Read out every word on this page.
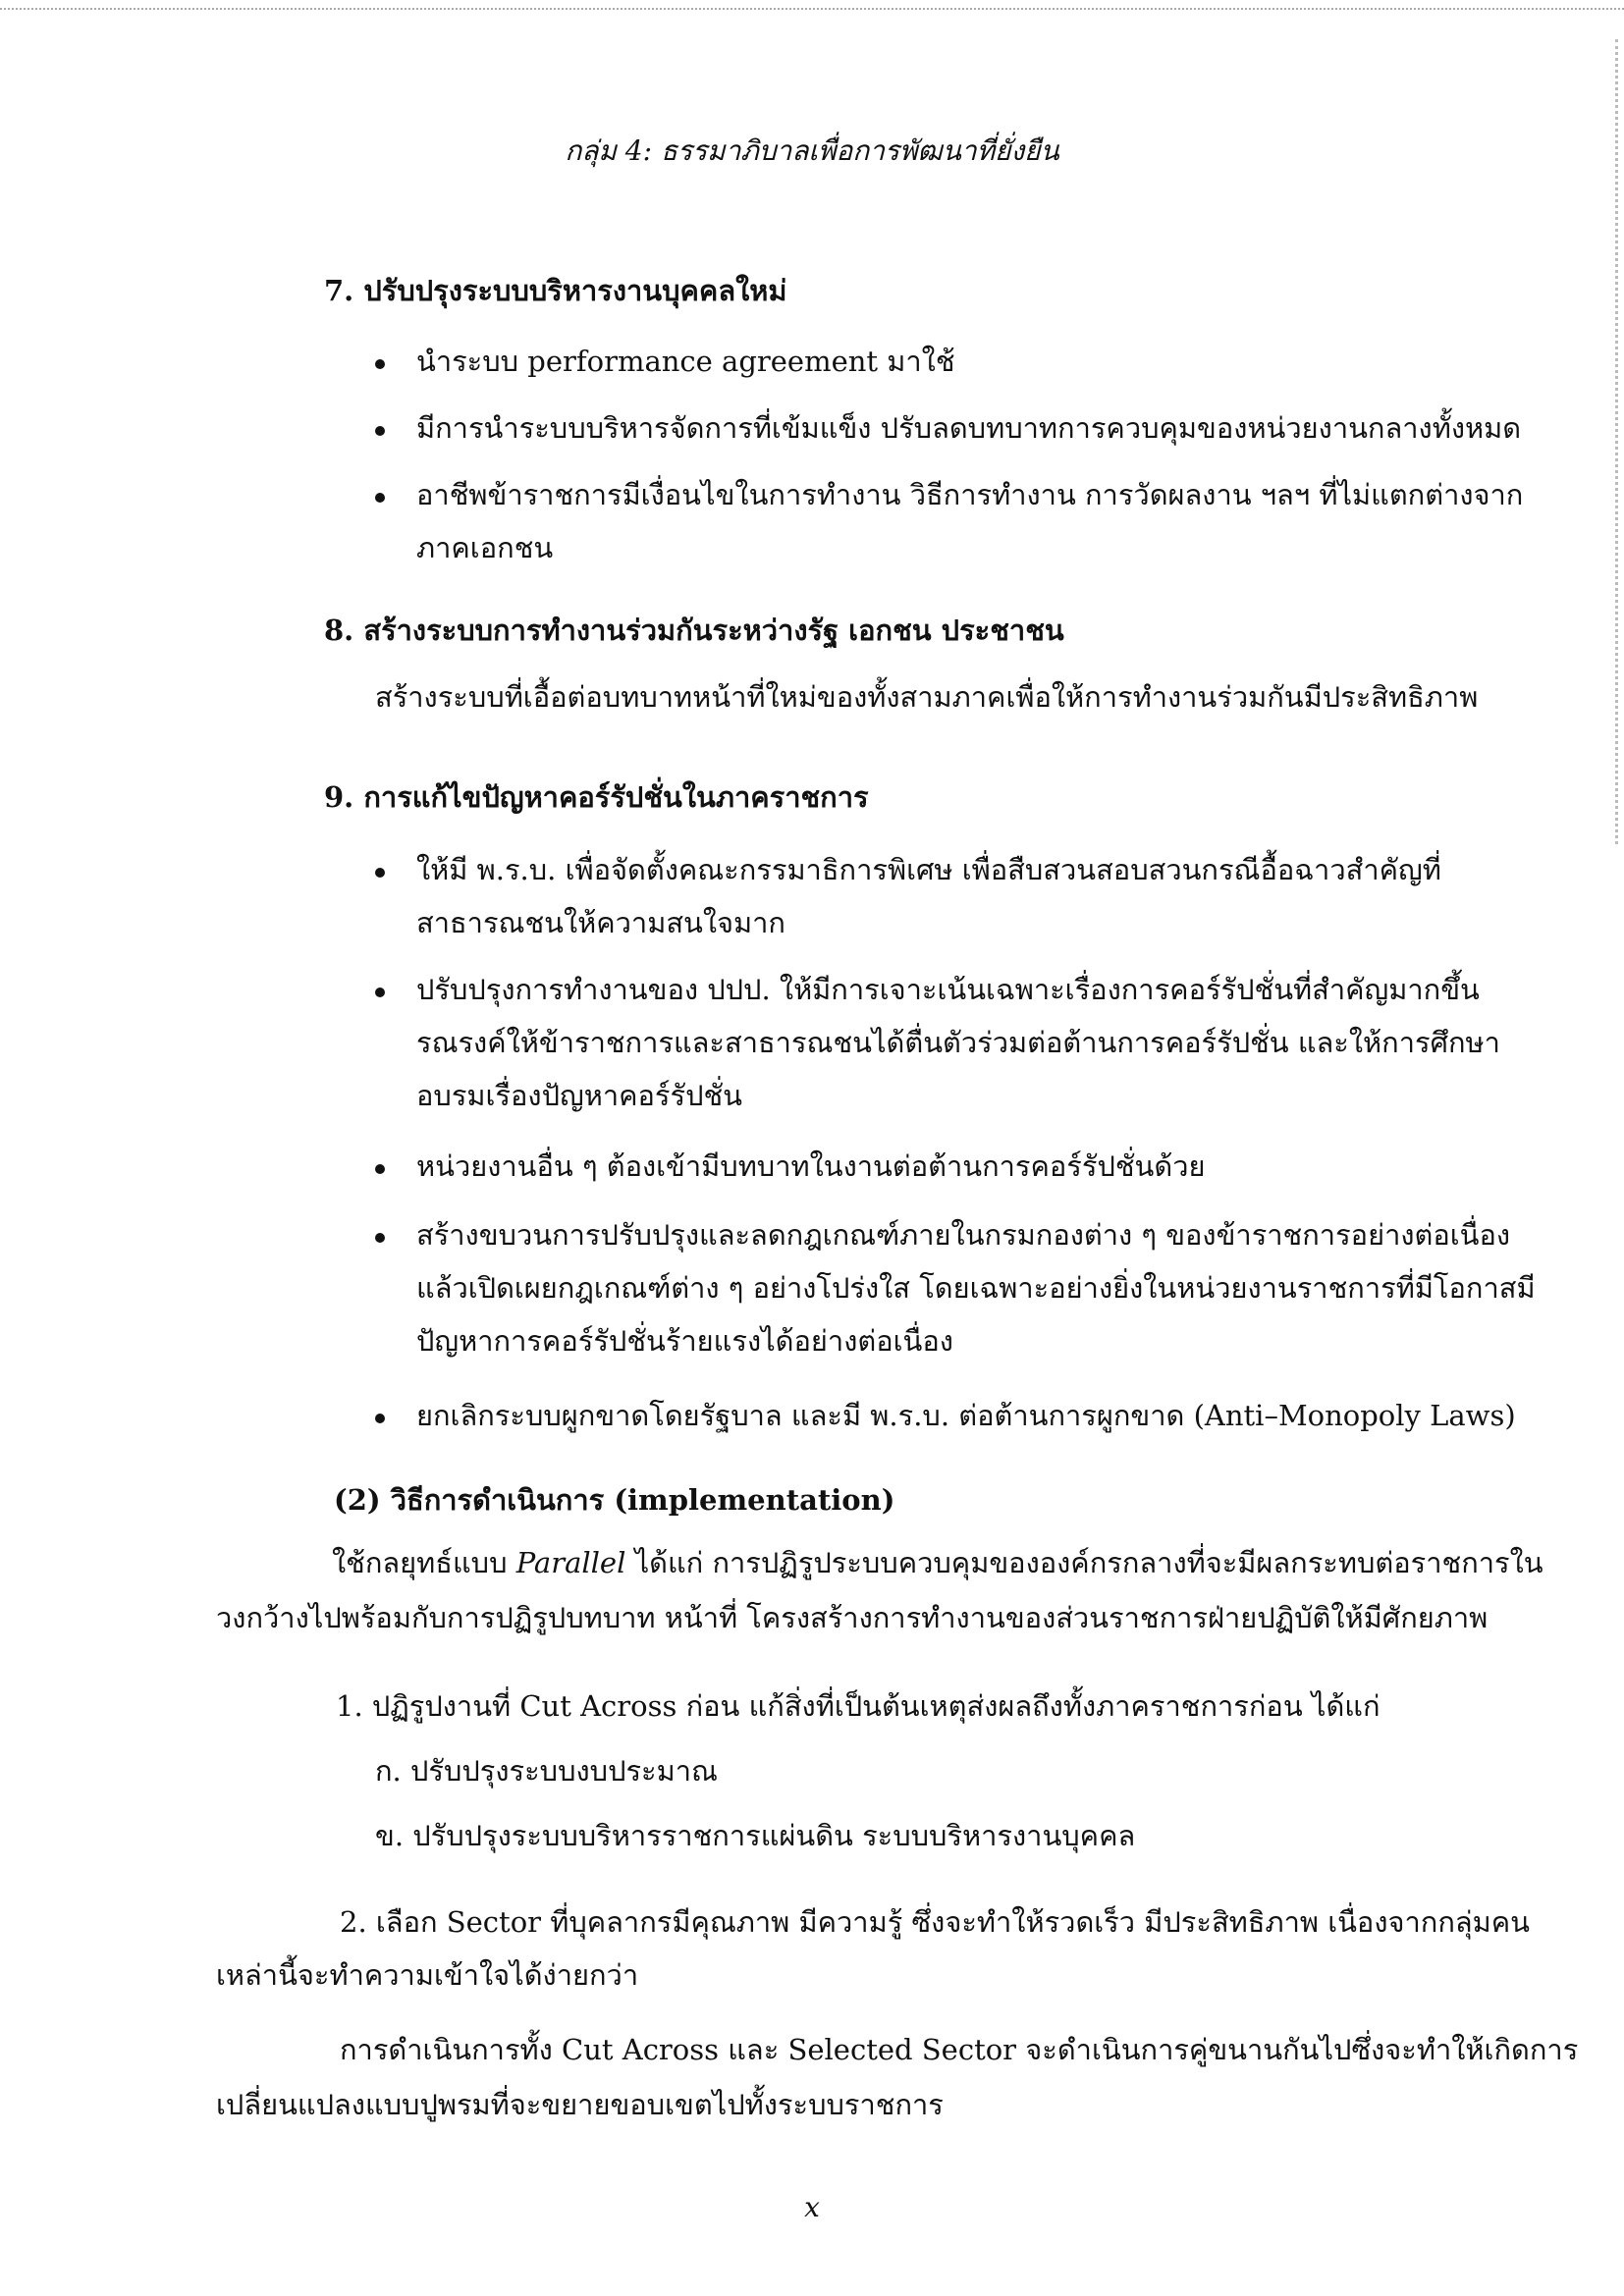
กลุ่ม 4: ธรรมาภิบาลเพื่อการพัฒนาที่ยั่งยืน
7. ปรับปรุงระบบบริหารงานบุคคลใหม่
นำระบบ performance agreement มาใช้
มีการนำระบบบริหารจัดการที่เข้มแข็ง ปรับลดบทบาทการควบคุมของหน่วยงานกลางทั้งหมด
อาชีพข้าราชการมีเงื่อนไขในการทำงาน วิธีการทำงาน การวัดผลงาน ฯลฯ ที่ไม่แตกต่างจาก
ภาคเอกชน
8. สร้างระบบการทำงานร่วมกันระหว่างรัฐ เอกชน ประชาชน
สร้างระบบที่เอื้อต่อบทบาทหน้าที่ใหม่ของทั้งสามภาคเพื่อให้การทำงานร่วมกันมีประสิทธิภาพ
9. การแก้ไขปัญหาคอร์รัปชั่นในภาคราชการ
ให้มี พ.ร.บ. เพื่อจัดตั้งคณะกรรมาธิการพิเศษ เพื่อสืบสวนสอบสวนกรณีอื้อฉาวสำคัญที่
สาธารณชนให้ความสนใจมาก
ปรับปรุงการทำงานของ ปปป. ให้มีการเจาะเน้นเฉพาะเรื่องการคอร์รัปชั่นที่สำคัญมากขึ้น
รณรงค์ให้ข้าราชการและสาธารณชนได้ตื่นตัวร่วมต่อต้านการคอร์รัปชั่น และให้การศึกษา
อบรมเรื่องปัญหาคอร์รัปชั่น
หน่วยงานอื่น ๆ ต้องเข้ามีบทบาทในงานต่อต้านการคอร์รัปชั่นด้วย
สร้างขบวนการปรับปรุงและลดกฎเกณฑ์ภายในกรมกองต่าง ๆ ของข้าราชการอย่างต่อเนื่อง
แล้วเปิดเผยกฎเกณฑ์ต่าง ๆ อย่างโปร่งใส โดยเฉพาะอย่างยิ่งในหน่วยงานราชการที่มีโอกาสมี
ปัญหาการคอร์รัปชั่นร้ายแรงได้อย่างต่อเนื่อง
ยกเลิกระบบผูกขาดโดยรัฐบาล และมี พ.ร.บ. ต่อต้านการผูกขาด (Anti–Monopoly Laws)
(2) วิธีการดำเนินการ (implementation)
ใช้กลยุทธ์แบบ Parallel ได้แก่ การปฏิรูประบบควบคุมขององค์กรกลางที่จะมีผลกระทบต่อราชการใน
วงกว้างไปพร้อมกับการปฏิรูปบทบาท หน้าที่ โครงสร้างการทำงานของส่วนราชการฝ่ายปฏิบัติให้มีศักยภาพ
1. ปฏิรูปงานที่ Cut Across ก่อน แก้สิ่งที่เป็นต้นเหตุส่งผลถึงทั้งภาคราชการก่อน ได้แก่
ก. ปรับปรุงระบบงบประมาณ
ข. ปรับปรุงระบบบริหารราชการแผ่นดิน ระบบบริหารงานบุคคล
2. เลือก Sector ที่บุคลากรมีคุณภาพ มีความรู้ ซึ่งจะทำให้รวดเร็ว มีประสิทธิภาพ เนื่องจากกลุ่มคน
เหล่านี้จะทำความเข้าใจได้ง่ายกว่า
การดำเนินการทั้ง Cut Across และ Selected Sector จะดำเนินการคู่ขนานกันไปซึ่งจะทำให้เกิดการ
เปลี่ยนแปลงแบบปูพรมที่จะขยายขอบเขตไปทั้งระบบราชการ
x
